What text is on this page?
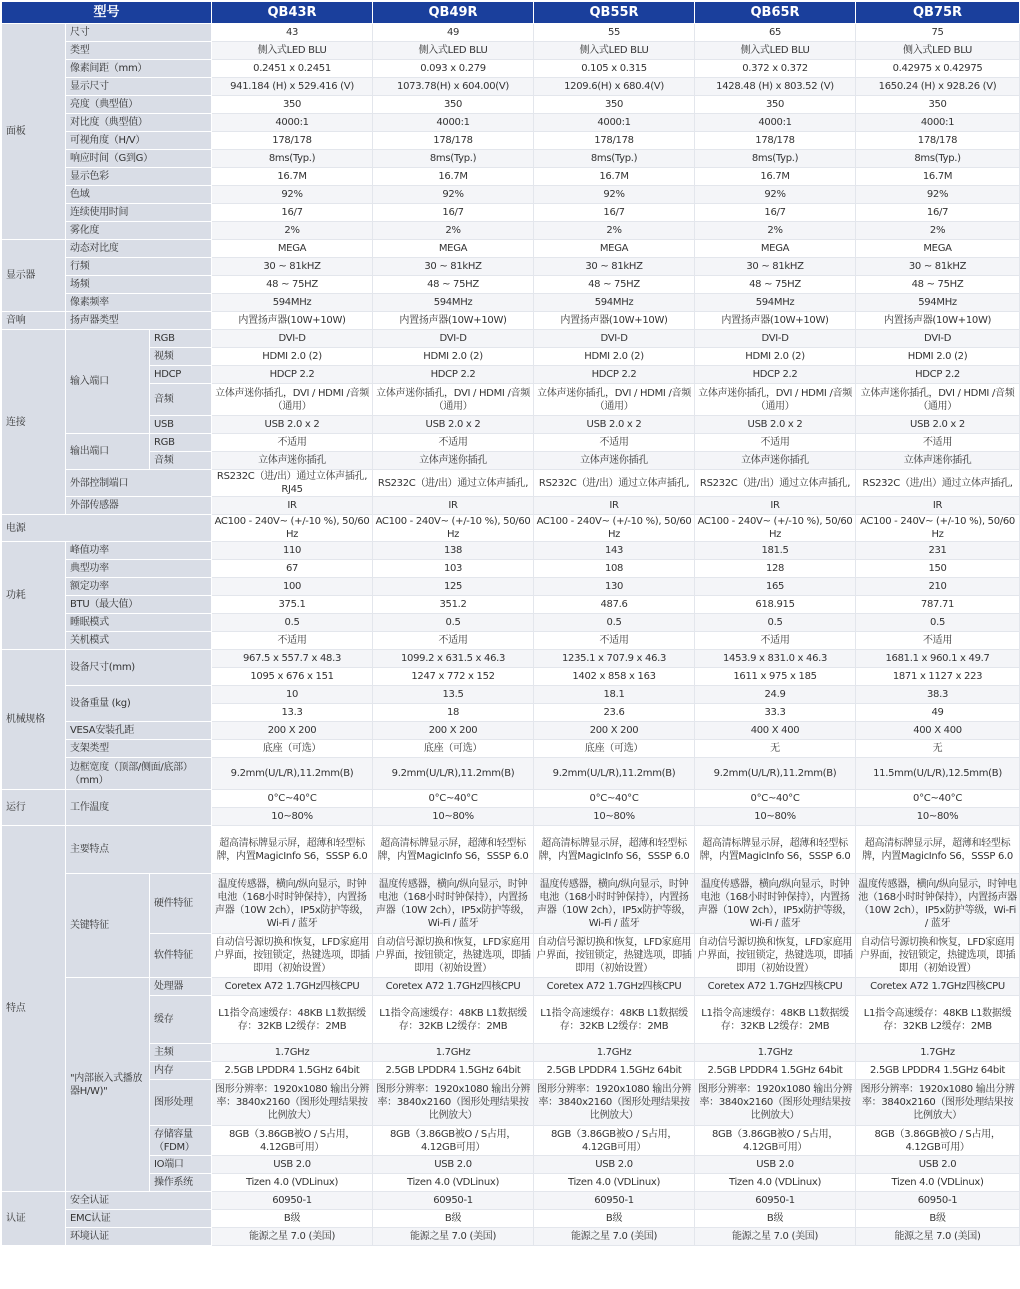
型号			QB43R	QB49R	QB55R	QB65R	QB75R
面板	尺寸		43	49	55	65	75
	类型		侧入式LED BLU	侧入式LED BLU	侧入式LED BLU	侧入式LED BLU	侧入式LED BLU
	像素间距（mm）		0.2451 x 0.2451	0.093 x 0.279	0.105 x 0.315	0.372 x 0.372	0.42975 x 0.42975
	显示尺寸		941.184 (H) x 529.416 (V)	1073.78(H) x 604.00(V)	1209.6(H) x 680.4(V)	1428.48 (H) x 803.52 (V)	1650.24 (H) x 928.26 (V)
	亮度（典型值）		350	350	350	350	350
	对比度（典型值）		4000:1	4000:1	4000:1	4000:1	4000:1
	可视角度（H/V）		178/178	178/178	178/178	178/178	178/178
	响应时间（G到G）		8ms(Typ.)	8ms(Typ.)	8ms(Typ.)	8ms(Typ.)	8ms(Typ.)
	显示色彩		16.7M	16.7M	16.7M	16.7M	16.7M
	色域		92%	92%	92%	92%	92%
	连续使用时间		16/7	16/7	16/7	16/7	16/7
	雾化度		2%	2%	2%	2%	2%
显示器	动态对比度		MEGA	MEGA	MEGA	MEGA	MEGA
	行频		30 ~ 81kHZ	30 ~ 81kHZ	30 ~ 81kHZ	30 ~ 81kHZ	30 ~ 81kHZ
	场频		48 ~ 75HZ	48 ~ 75HZ	48 ~ 75HZ	48 ~ 75HZ	48 ~ 75HZ
	像素频率		594MHz	594MHz	594MHz	594MHz	594MHz
音响	扬声器类型		内置扬声器(10W+10W)	内置扬声器(10W+10W)	内置扬声器(10W+10W)	内置扬声器(10W+10W)	内置扬声器(10W+10W)
连接	输入端口	RGB	DVI-D	DVI-D	DVI-D	DVI-D	DVI-D
		视频	HDMI 2.0 (2)	HDMI 2.0 (2)	HDMI 2.0 (2)	HDMI 2.0 (2)	HDMI 2.0 (2)
		HDCP	HDCP 2.2	HDCP 2.2	HDCP 2.2	HDCP 2.2	HDCP 2.2
		音频	立体声迷你插孔，DVI / HDMI /音频（通用）	立体声迷你插孔，DVI / HDMI /音频（通用）	立体声迷你插孔，DVI / HDMI /音频（通用）	立体声迷你插孔，DVI / HDMI /音频（通用）	立体声迷你插孔，DVI / HDMI /音频（通用）
		USB	USB 2.0 x 2	USB 2.0 x 2	USB 2.0 x 2	USB 2.0 x 2	USB 2.0 x 2
	输出端口	RGB	不适用	不适用	不适用	不适用	不适用
		音频	立体声迷你插孔	立体声迷你插孔	立体声迷你插孔	立体声迷你插孔	立体声迷你插孔
	外部控制端口		RS232C（进/出）通过立体声插孔, RJ45	RS232C（进/出）通过立体声插孔,	RS232C（进/出）通过立体声插孔,	RS232C（进/出）通过立体声插孔,	RS232C（进/出）通过立体声插孔,
	外部传感器		IR	IR	IR	IR	IR
电源			AC100 - 240V~ (+/-10 %), 50/60 Hz	AC100 - 240V~ (+/-10 %), 50/60 Hz	AC100 - 240V~ (+/-10 %), 50/60 Hz	AC100 - 240V~ (+/-10 %), 50/60 Hz	AC100 - 240V~ (+/-10 %), 50/60 Hz
功耗	峰值功率		110	138	143	181.5	231
	典型功率		67	103	108	128	150
	额定功率		100	125	130	165	210
	BTU（最大值）		375.1	351.2	487.6	618.915	787.71
	睡眠模式		0.5	0.5	0.5	0.5	0.5
	关机模式		不适用	不适用	不适用	不适用	不适用
机械规格	设备尺寸(mm)		967.5 x 557.7 x 48.3	1099.2 x 631.5 x 46.3	1235.1 x 707.9 x 46.3	1453.9 x 831.0 x 46.3	1681.1 x 960.1 x 49.7
			1095 x 676 x 151	1247 x 772 x 152	1402 x 858 x 163	1611 x 975 x 185	1871 x 1127 x 223
	设备重量 (kg)		10	13.5	18.1	24.9	38.3
			13.3	18	23.6	33.3	49
	VESA安装孔距		200 X 200	200 X 200	200 X 200	400 X 400	400 X 400
	支架类型		底座（可选）	底座（可选）	底座（可选）	无	无
	边框宽度（顶部/侧面/底部）（mm）		9.2mm(U/L/R),11.2mm(B)	9.2mm(U/L/R),11.2mm(B)	9.2mm(U/L/R),11.2mm(B)	9.2mm(U/L/R),11.2mm(B)	11.5mm(U/L/R),12.5mm(B)
运行	工作温度		0°C~40°C	0°C~40°C	0°C~40°C	0°C~40°C	0°C~40°C
			10~80%	10~80%	10~80%	10~80%	10~80%
特点	主要特点		超高清标牌显示屏，超薄和轻型标牌，内置MagicInfo S6，SSSP 6.0	超高清标牌显示屏，超薄和轻型标牌，内置MagicInfo S6，SSSP 6.0	超高清标牌显示屏，超薄和轻型标牌，内置MagicInfo S6，SSSP 6.0	超高清标牌显示屏，超薄和轻型标牌，内置MagicInfo S6，SSSP 6.0	超高清标牌显示屏，超薄和轻型标牌，内置MagicInfo S6，SSSP 6.0
	关键特征	硬件特征	温度传感器，横向/纵向显示，时钟电池（168小时时钟保持），内置扬声器（10W 2ch），IP5x防护等级，Wi-Fi / 蓝牙	温度传感器，横向/纵向显示，时钟电池（168小时时钟保持），内置扬声器（10W 2ch），IP5x防护等级，Wi-Fi / 蓝牙	温度传感器，横向/纵向显示，时钟电池（168小时时钟保持），内置扬声器（10W 2ch），IP5x防护等级，Wi-Fi / 蓝牙	温度传感器，横向/纵向显示，时钟电池（168小时时钟保持），内置扬声器（10W 2ch），IP5x防护等级，Wi-Fi / 蓝牙	温度传感器，横向/纵向显示，时钟电池（168小时时钟保持），内置扬声器（10W 2ch），IP5x防护等级，Wi-Fi / 蓝牙
		软件特征	自动信号源切换和恢复，LFD家庭用户界面，按钮锁定，热键选项，即插即用（初始设置）	自动信号源切换和恢复，LFD家庭用户界面，按钮锁定，热键选项，即插即用（初始设置）	自动信号源切换和恢复，LFD家庭用户界面，按钮锁定，热键选项，即插即用（初始设置）	自动信号源切换和恢复，LFD家庭用户界面，按钮锁定，热键选项，即插即用（初始设置）	自动信号源切换和恢复，LFD家庭用户界面，按钮锁定，热键选项，即插即用（初始设置）
	"内部嵌入式播放器H/W)"	处理器	Coretex A72 1.7GHz四核CPU	Coretex A72 1.7GHz四核CPU	Coretex A72 1.7GHz四核CPU	Coretex A72 1.7GHz四核CPU	Coretex A72 1.7GHz四核CPU
		缓存	L1指令高速缓存：48KB L1数据缓存：32KB L2缓存：2MB	L1指令高速缓存：48KB L1数据缓存：32KB L2缓存：2MB	L1指令高速缓存：48KB L1数据缓存：32KB L2缓存：2MB	L1指令高速缓存：48KB L1数据缓存：32KB L2缓存：2MB	L1指令高速缓存：48KB L1数据缓存：32KB L2缓存：2MB
		主频	1.7GHz	1.7GHz	1.7GHz	1.7GHz	1.7GHz
		内存	2.5GB LPDDR4 1.5GHz 64bit	2.5GB LPDDR4 1.5GHz 64bit	2.5GB LPDDR4 1.5GHz 64bit	2.5GB LPDDR4 1.5GHz 64bit	2.5GB LPDDR4 1.5GHz 64bit
		图形处理	图形分辨率：1920x1080 输出分辨率：3840x2160（图形处理结果按比例放大）	图形分辨率：1920x1080 输出分辨率：3840x2160（图形处理结果按比例放大）	图形分辨率：1920x1080 输出分辨率：3840x2160（图形处理结果按比例放大）	图形分辨率：1920x1080 输出分辨率：3840x2160（图形处理结果按比例放大）	图形分辨率：1920x1080 输出分辨率：3840x2160（图形处理结果按比例放大）
		存储容量（FDM）	8GB（3.86GB被O / S占用，4.12GB可用）	8GB（3.86GB被O / S占用，4.12GB可用）	8GB（3.86GB被O / S占用，4.12GB可用）	8GB（3.86GB被O / S占用，4.12GB可用）	8GB（3.86GB被O / S占用，4.12GB可用）
		IO端口	USB 2.0	USB 2.0	USB 2.0	USB 2.0	USB 2.0
		操作系统	Tizen 4.0 (VDLinux)	Tizen 4.0 (VDLinux)	Tizen 4.0 (VDLinux)	Tizen 4.0 (VDLinux)	Tizen 4.0 (VDLinux)
认证	安全认证		60950-1	60950-1	60950-1	60950-1	60950-1
	EMC认证		B级	B级	B级	B级	B级
	环境认证		能源之星 7.0 (美国)	能源之星 7.0 (美国)	能源之星 7.0 (美国)	能源之星 7.0 (美国)	能源之星 7.0 (美国)
